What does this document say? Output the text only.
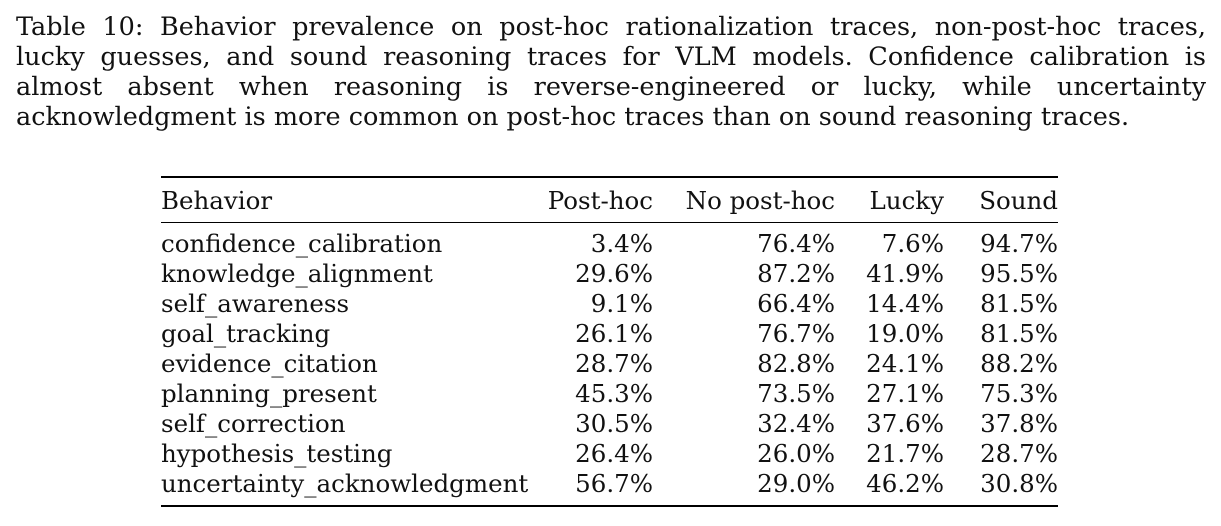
Table 10: Behavior prevalence on post-hoc rationalization traces, non-post-hoc traces, lucky guesses, and sound reasoning traces for VLM models. Confidence calibration is almost absent when reasoning is reverse-engineered or lucky, while uncertainty acknowledgment is more common on post-hoc traces than on sound reasoning traces.

Behavior	Post-hoc	No post-hoc	Lucky	Sound
confidence_calibration	3.4%	76.4%	7.6%	94.7%
knowledge_alignment	29.6%	87.2%	41.9%	95.5%
self_awareness	9.1%	66.4%	14.4%	81.5%
goal_tracking	26.1%	76.7%	19.0%	81.5%
evidence_citation	28.7%	82.8%	24.1%	88.2%
planning_present	45.3%	73.5%	27.1%	75.3%
self_correction	30.5%	32.4%	37.6%	37.8%
hypothesis_testing	26.4%	26.0%	21.7%	28.7%
uncertainty_acknowledgment	56.7%	29.0%	46.2%	30.8%
